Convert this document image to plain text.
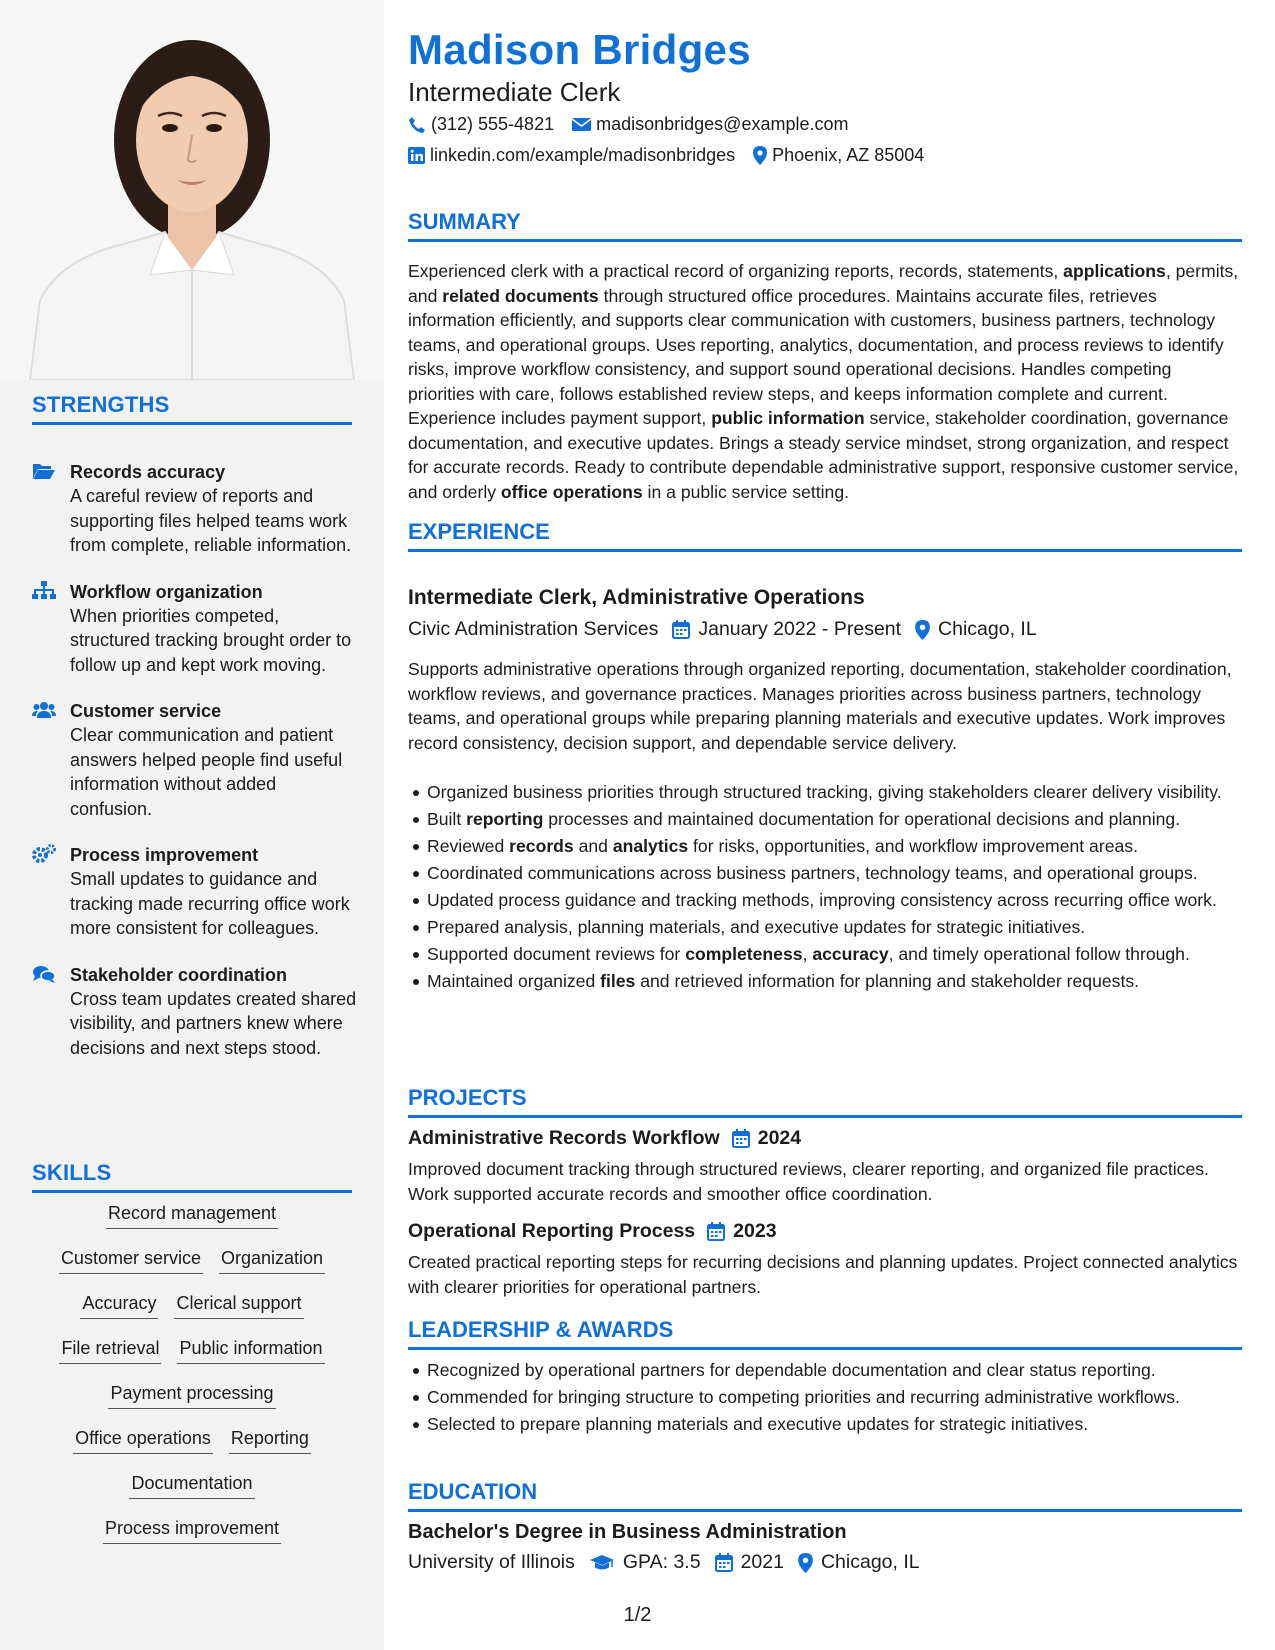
STRENGTHS
Records accuracy
A careful review of reports and supporting files helped teams work from complete, reliable information.
Workflow organization
When priorities competed, structured tracking brought order to follow up and kept work moving.
Customer service
Clear communication and patient answers helped people find useful information without added confusion.
Process improvement
Small updates to guidance and tracking made recurring office work more consistent for colleagues.
Stakeholder coordination
Cross team updates created shared visibility, and partners knew where decisions and next steps stood.
SKILLS
Record management
Customer service Organization
Accuracy Clerical support
File retrieval Public information
Payment processing
Office operations Reporting
Documentation
Process improvement
Madison Bridges
Intermediate Clerk
(312) 555-4821 madisonbridges@example.com
linkedin.com/example/madisonbridges Phoenix, AZ 85004
SUMMARY
Experienced clerk with a practical record of organizing reports, records, statements, applications, permits, and related documents through structured office procedures. Maintains accurate files, retrieves information efficiently, and supports clear communication with customers, business partners, technology teams, and operational groups. Uses reporting, analytics, documentation, and process reviews to identify risks, improve workflow consistency, and support sound operational decisions. Handles competing priorities with care, follows established review steps, and keeps information complete and current. Experience includes payment support, public information service, stakeholder coordination, governance documentation, and executive updates. Brings a steady service mindset, strong organization, and respect for accurate records. Ready to contribute dependable administrative support, responsive customer service, and orderly office operations in a public service setting.
EXPERIENCE
Intermediate Clerk, Administrative Operations
Civic Administration Services January 2022 - Present Chicago, IL
Supports administrative operations through organized reporting, documentation, stakeholder coordination, workflow reviews, and governance practices. Manages priorities across business partners, technology teams, and operational groups while preparing planning materials and executive updates. Work improves record consistency, decision support, and dependable service delivery.
Organized business priorities through structured tracking, giving stakeholders clearer delivery visibility.
Built reporting processes and maintained documentation for operational decisions and planning.
Reviewed records and analytics for risks, opportunities, and workflow improvement areas.
Coordinated communications across business partners, technology teams, and operational groups.
Updated process guidance and tracking methods, improving consistency across recurring office work.
Prepared analysis, planning materials, and executive updates for strategic initiatives.
Supported document reviews for completeness, accuracy, and timely operational follow through.
Maintained organized files and retrieved information for planning and stakeholder requests.
PROJECTS
Administrative Records Workflow 2024
Improved document tracking through structured reviews, clearer reporting, and organized file practices. Work supported accurate records and smoother office coordination.
Operational Reporting Process 2023
Created practical reporting steps for recurring decisions and planning updates. Project connected analytics with clearer priorities for operational partners.
LEADERSHIP & AWARDS
Recognized by operational partners for dependable documentation and clear status reporting.
Commended for bringing structure to competing priorities and recurring administrative workflows.
Selected to prepare planning materials and executive updates for strategic initiatives.
EDUCATION
Bachelor's Degree in Business Administration
University of Illinois GPA: 3.5 2021 Chicago, IL
1/2
